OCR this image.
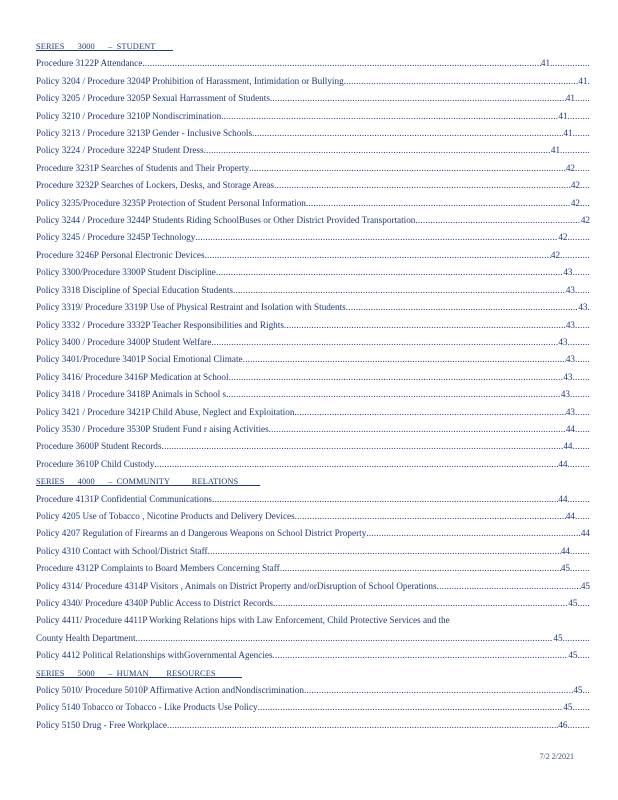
SERIES      3000      –  STUDENT
Procedure 3122P Attendance .....	41 ................
Policy 3204 / Procedure 3204P Prohibition of Harassment, Intimidation or Bullying .....	41 .
Policy 3205 / Procedure 3205P Sexual Harrassment of Students .....	41 ......
Policy 3210 / Procedure 3210P Nondiscrimination .....	41 .........
Policy 3213 / Procedure 3213P Gender - Inclusive Schools .....	41 .......
Policy 3224 / Procedure 3224P Student Dress .....	41 ............
Procedure 3231P Searches of Students and Their Property .....	42 ......
Procedure 3232P Searches of Lockers, Desks, and Storage Areas .....	42 ....
Policy 3235/Procedure 3235P Protection of Student Personal Information .....	42 ....
Policy 3244 / Procedure 3244P Students Riding SchoolBuses or Other District Provided Transportation .....	42
Policy 3245 / Procedure 3245P Technology .....	42 .........
Procedure 3246P Personal Electronic Devices .....	42 ............
Policy 3300/Procedure 3300P Student Discipline .....	43 .......
Policy 3318 Discipline of Special Education Students .....	43 ......
Policy 3319/ Procedure 3319P Use of Physical Restraint and Isolation with Students .....	43 .
Policy 3332 / Procedure 3332P Teacher Responsibilities and Rights .....	43 ......
Policy 3400 / Procedure 3400P Student Welfare .....	43 .........
Policy 3401/Procedure 3401P Social Emotional Climate .....	43 ......
Policy 3416/ Procedure 3416P Medication at School .....	43 .......
Policy 3418 / Procedure 3418P Animals in School s .....	43 ........
Policy 3421 / Procedure 3421P Child Abuse, Neglect and Exploitation .....	43 ......
Policy 3530 / Procedure 3530P Student Fund r aising Activities .....	44 ......
Procedure 3600P Student Records .....	44 .......
Procedure 3610P Child Custody .....	44 .........
SERIES      4000      –  COMMUNITY          RELATIONS
Procedure 4131P Confidential Communications .....	44 .........
Policy 4205 Use of Tobacco , Nicotine Products and Delivery Devices .....	44 ......
Policy 4207 Regulation of Firearms an d Dangerous Weapons on School District Property .....	44
Policy 4310 Contact with School/District Staff .....	44 ........
Procedure 4312P Complaints to Board Members Concerning Staff .....	45 ........
Policy 4314/ Procedure 4314P Visitors , Animals on District Property and/orDisruption of School Operations .....	45
Policy 4340/ Procedure 4340P Public Access to District Records .....	45 .....
Policy 4411/ Procedure 4411P Working Relations hips with Law Enforcement, Child Protective Services and the
County Health Department .....	45 ...........
Policy 4412 Political Relationships withGovernmental Agencies .....	45 .....
SERIES      5000      –  HUMAN        RESOURCES
Policy 5010/ Procedure 5010P Affirmative Action andNondiscrimination .....	45 ...
Policy 5140 Tobacco or Tobacco - Like Products Use Policy .....	45 .......
Policy 5150 Drug - Free Workplace .....	46 .........
7/2 2/2021
